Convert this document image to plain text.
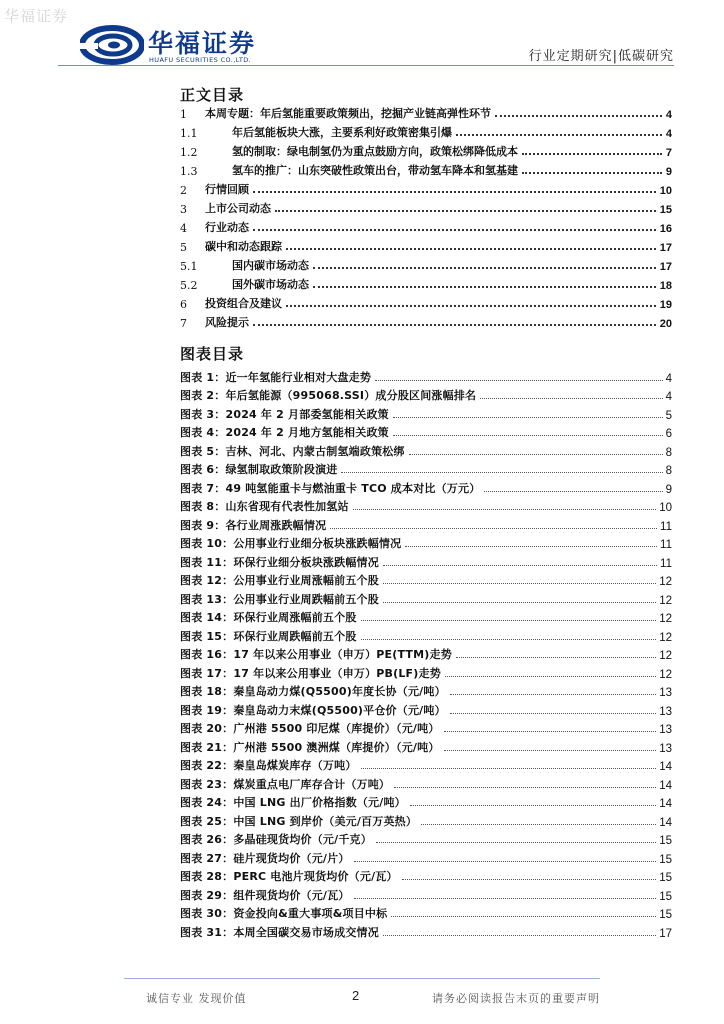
华福证券
华福证券
HUAFU SECURITIES CO.,LTD.	行业定期研究|低碳研究
正文目录
1	本周专题：年后氢能重要政策频出，挖掘产业链高弹性环节	4
1.1	年后氢能板块大涨，主要系利好政策密集引爆	4
1.2	氢的制取：绿电制氢仍为重点鼓励方向，政策松绑降低成本	7
1.3	氢车的推广：山东突破性政策出台，带动氢车降本和氢基建	9
2	行情回顾	10
3	上市公司动态	15
4	行业动态	16
5	碳中和动态跟踪	17
5.1	国内碳市场动态	17
5.2	国外碳市场动态	18
6	投资组合及建议	19
7	风险提示	20
图表目录
图表 1：近一年氢能行业相对大盘走势	4
图表 2：年后氢能源（995068.SSI）成分股区间涨幅排名	4
图表 3：2024 年 2 月部委氢能相关政策	5
图表 4：2024 年 2 月地方氢能相关政策	6
图表 5：吉林、河北、内蒙古制氢端政策松绑	8
图表 6：绿氢制取政策阶段演进	8
图表 7：49 吨氢能重卡与燃油重卡 TCO 成本对比（万元）	9
图表 8：山东省现有代表性加氢站	10
图表 9：各行业周涨跌幅情况	11
图表 10：公用事业行业细分板块涨跌幅情况	11
图表 11：环保行业细分板块涨跌幅情况	11
图表 12：公用事业行业周涨幅前五个股	12
图表 13：公用事业行业周跌幅前五个股	12
图表 14：环保行业周涨幅前五个股	12
图表 15：环保行业周跌幅前五个股	12
图表 16：17 年以来公用事业（申万）PE(TTM)走势	12
图表 17：17 年以来公用事业（申万）PB(LF)走势	12
图表 18：秦皇岛动力煤(Q5500)年度长协（元/吨）	13
图表 19：秦皇岛动力末煤(Q5500)平仓价（元/吨）	13
图表 20：广州港 5500 印尼煤（库提价）（元/吨）	13
图表 21：广州港 5500 澳洲煤（库提价）（元/吨）	13
图表 22：秦皇岛煤炭库存（万吨）	14
图表 23：煤炭重点电厂库存合计（万吨）	14
图表 24：中国 LNG 出厂价格指数（元/吨）	14
图表 25：中国 LNG 到岸价（美元/百万英热）	14
图表 26：多晶硅现货均价（元/千克）	15
图表 27：硅片现货均价（元/片）	15
图表 28：PERC 电池片现货均价（元/瓦）	15
图表 29：组件现货均价（元/瓦）	15
图表 30：资金投向&重大事项&项目中标	15
图表 31：本周全国碳交易市场成交情况	17
诚信专业 发现价值	2	请务必阅读报告末页的重要声明
